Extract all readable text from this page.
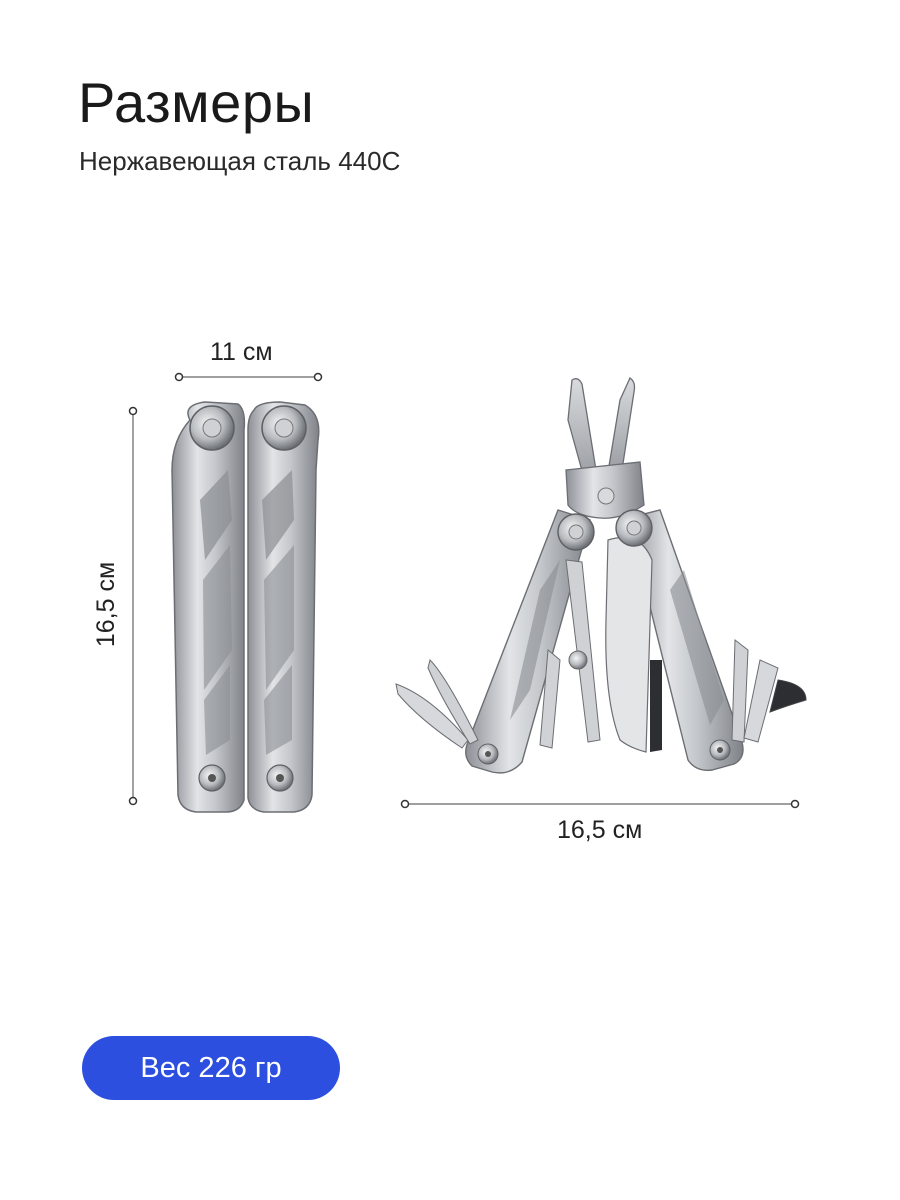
Размеры
Нержавеющая сталь 440С
11 см
16,5 см
16,5 см
Вес 226 гр
